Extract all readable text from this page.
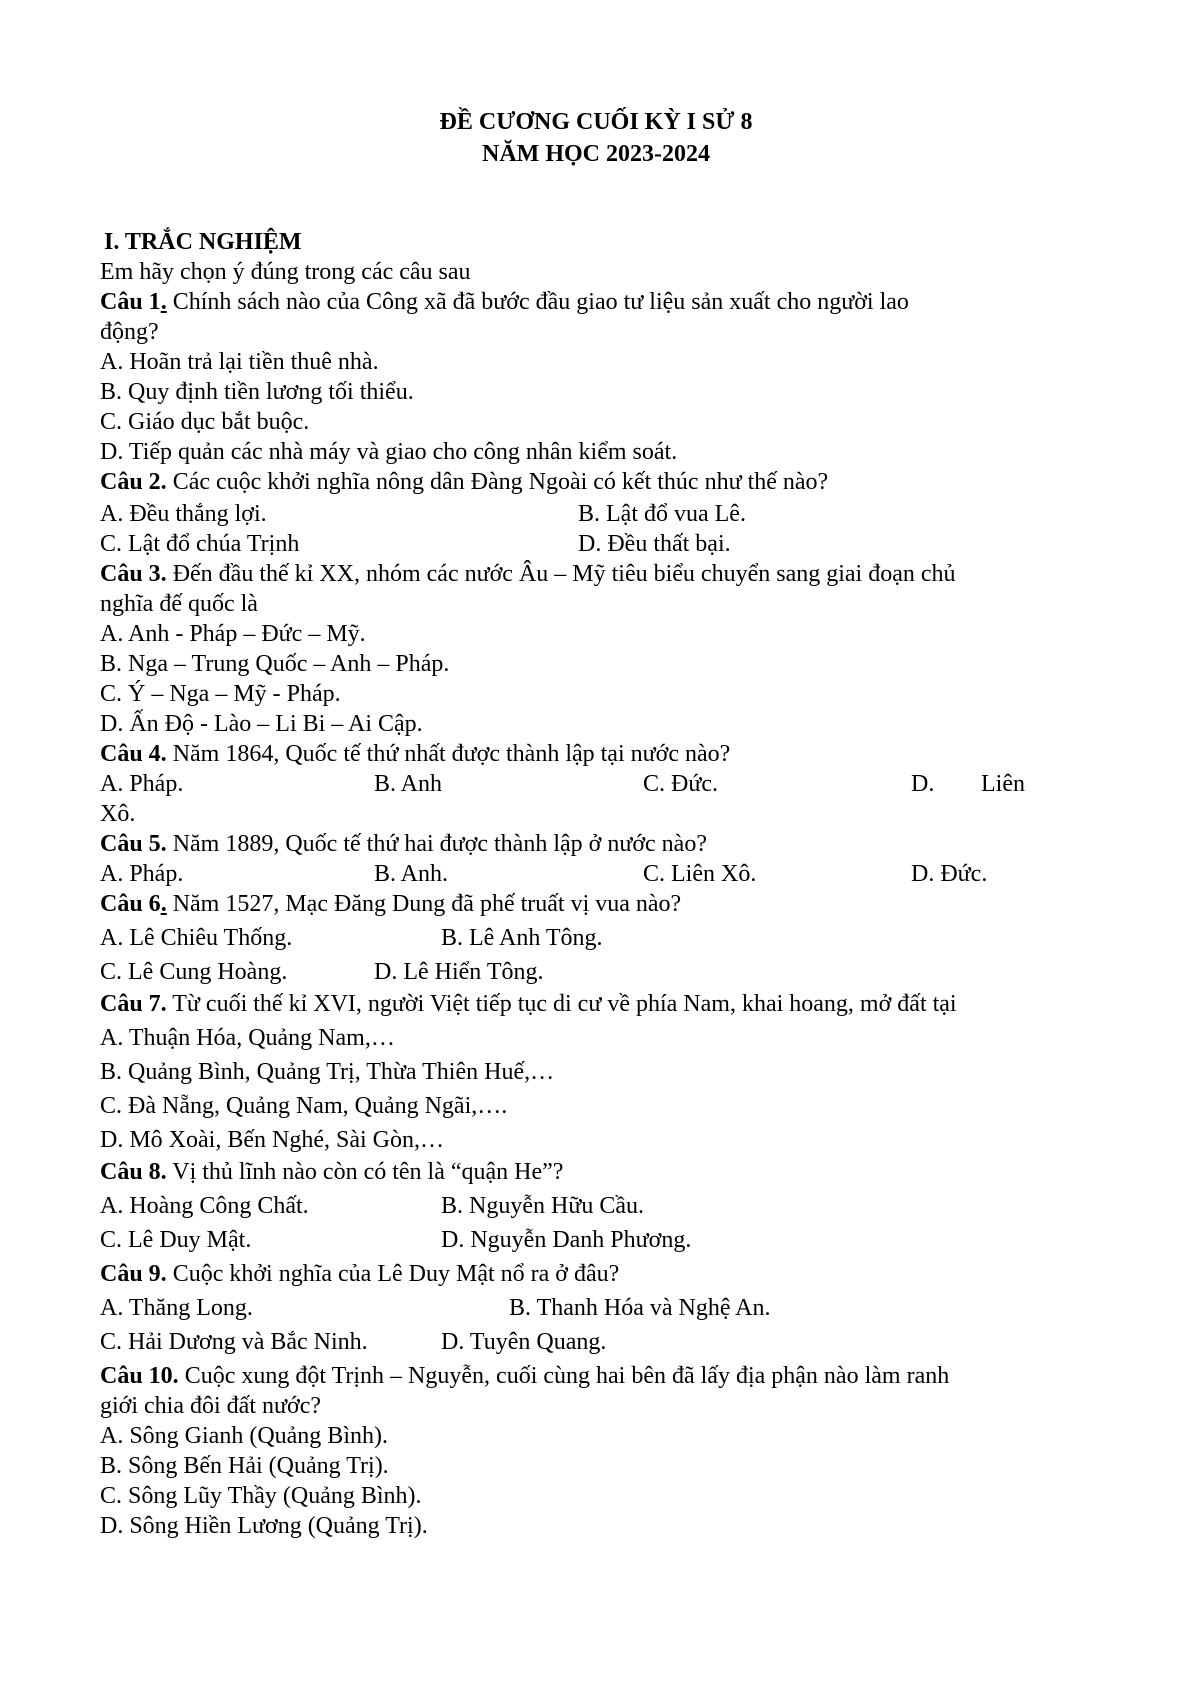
ĐỀ CƯƠNG CUỐI KỲ I SỬ 8
NĂM HỌC 2023-2024
I. TRẮC NGHIỆM
Em hãy chọn ý đúng trong các câu sau
Câu 1. Chính sách nào của Công xã đã bước đầu giao tư liệu sản xuất cho người lao
động?
A. Hoãn trả lại tiền thuê nhà.
B. Quy định tiền lương tối thiểu.
C. Giáo dục bắt buộc.
D. Tiếp quản các nhà máy và giao cho công nhân kiểm soát.
Câu 2. Các cuộc khởi nghĩa nông dân Đàng Ngoài có kết thúc như thế nào?
A. Đều thắng lợi.	B. Lật đổ vua Lê.
C. Lật đổ chúa Trịnh	D. Đều thất bại.
Câu 3. Đến đầu thế kỉ XX, nhóm các nước Âu – Mỹ tiêu biểu chuyển sang giai đoạn chủ
nghĩa đế quốc là
A. Anh - Pháp – Đức – Mỹ.
B. Nga – Trung Quốc – Anh – Pháp.
C. Ý – Nga – Mỹ - Pháp.
D. Ấn Độ - Lào – Li Bi – Ai Cập.
Câu 4. Năm 1864, Quốc tế thứ nhất được thành lập tại nước nào?
A. Pháp.	B. Anh	C. Đức.	D. Liên
Xô.
Câu 5. Năm 1889, Quốc tế thứ hai được thành lập ở nước nào?
A. Pháp.	B. Anh.	C. Liên Xô.	D. Đức.
Câu 6. Năm 1527, Mạc Đăng Dung đã phế truất vị vua nào?
A. Lê Chiêu Thống.	B. Lê Anh Tông.
C. Lê Cung Hoàng.	D. Lê Hiển Tông.
Câu 7. Từ cuối thế kỉ XVI, người Việt tiếp tục di cư về phía Nam, khai hoang, mở đất tại
A. Thuận Hóa, Quảng Nam,…
B. Quảng Bình, Quảng Trị, Thừa Thiên Huế,…
C. Đà Nẵng, Quảng Nam, Quảng Ngãi,….
D. Mô Xoài, Bến Nghé, Sài Gòn,…
Câu 8. Vị thủ lĩnh nào còn có tên là “quận He”?
A. Hoàng Công Chất.	B. Nguyễn Hữu Cầu.
C. Lê Duy Mật.	D. Nguyễn Danh Phương.
Câu 9. Cuộc khởi nghĩa của Lê Duy Mật nổ ra ở đâu?
A. Thăng Long.	B. Thanh Hóa và Nghệ An.
C. Hải Dương và Bắc Ninh.	D. Tuyên Quang.
Câu 10. Cuộc xung đột Trịnh – Nguyễn, cuối cùng hai bên đã lấy địa phận nào làm ranh
giới chia đôi đất nước?
A. Sông Gianh (Quảng Bình).
B. Sông Bến Hải (Quảng Trị).
C. Sông Lũy Thầy (Quảng Bình).
D. Sông Hiền Lương (Quảng Trị).
